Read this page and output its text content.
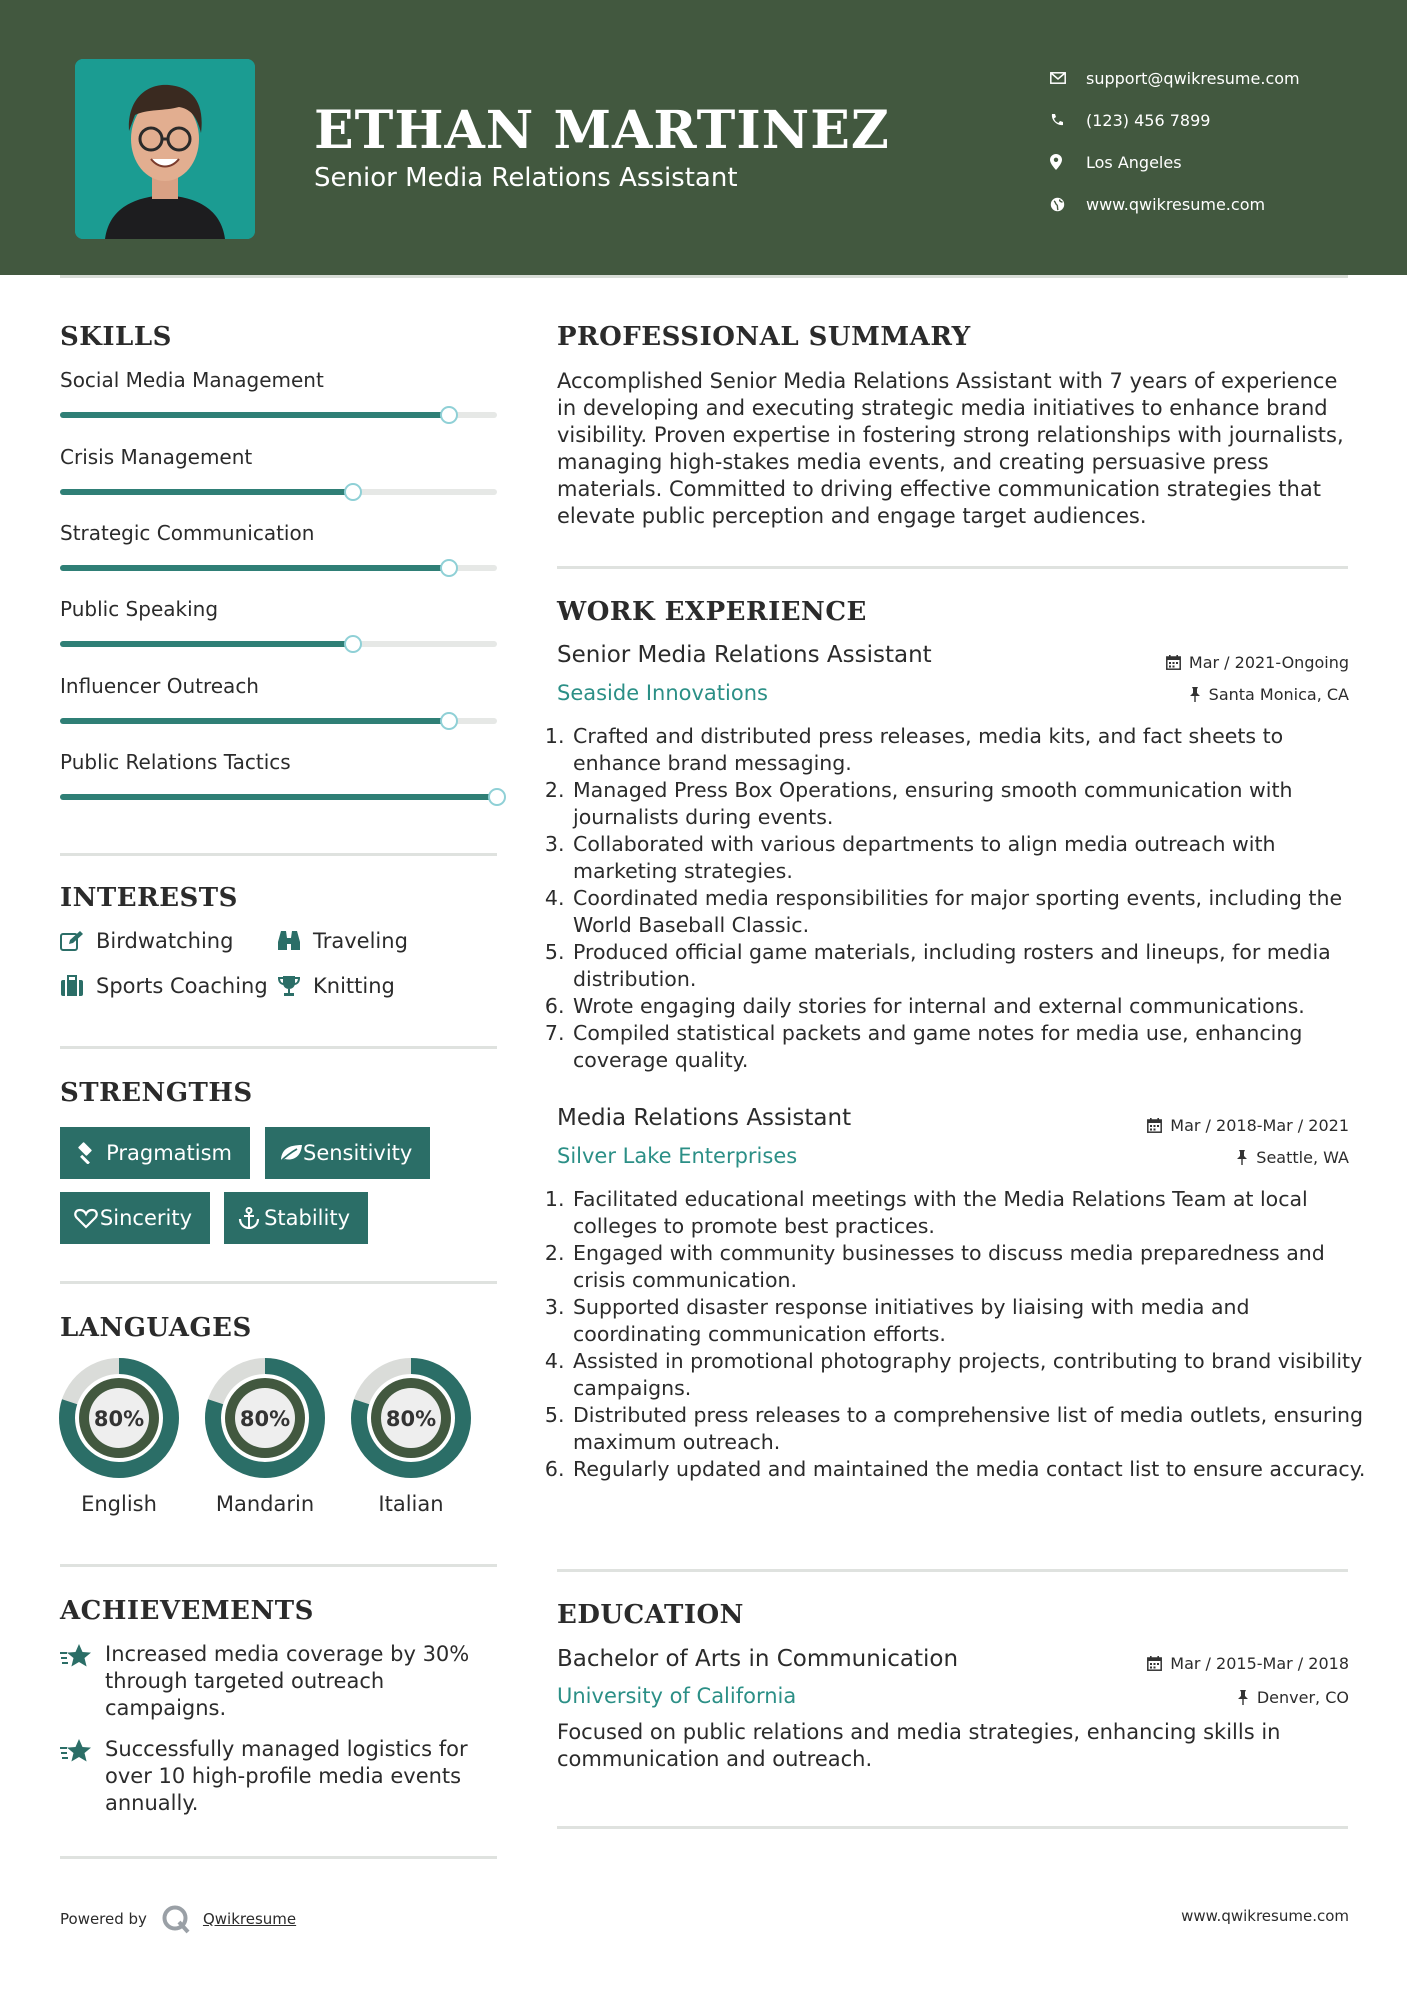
ETHAN MARTINEZ
Senior Media Relations Assistant
support@qwikresume.com
(123) 456 7899
Los Angeles
www.qwikresume.com
SKILLS
Social Media Management
Crisis Management
Strategic Communication
Public Speaking
Influencer Outreach
Public Relations Tactics
INTERESTS
Birdwatching	Traveling
Sports Coaching Knitting
STRENGTHS
Pragmatism	Sensitivity
Sincerity	Stability
LANGUAGES
80%
English
80%
Mandarin
80%
Italian
ACHIEVEMENTS
Increased media coverage by 30% through targeted outreach campaigns.
Successfully managed logistics for over 10 high-profile media events annually.
PROFESSIONAL SUMMARY
Accomplished Senior Media Relations Assistant with 7 years of experience in developing and executing strategic media initiatives to enhance brand visibility. Proven expertise in fostering strong relationships with journalists, managing high-stakes media events, and creating persuasive press materials. Committed to driving effective communication strategies that elevate public perception and engage target audiences.
WORK EXPERIENCE
Senior Media Relations Assistant	Mar / 2021-Ongoing
Seaside Innovations	Santa Monica, CA
1. Crafted and distributed press releases, media kits, and fact sheets to enhance brand messaging.
2. Managed Press Box Operations, ensuring smooth communication with journalists during events.
3. Collaborated with various departments to align media outreach with marketing strategies.
4. Coordinated media responsibilities for major sporting events, including the World Baseball Classic.
5. Produced official game materials, including rosters and lineups, for media distribution.
6. Wrote engaging daily stories for internal and external communications.
7. Compiled statistical packets and game notes for media use, enhancing coverage quality.
Media Relations Assistant	Mar / 2018-Mar / 2021
Silver Lake Enterprises	Seattle, WA
1. Facilitated educational meetings with the Media Relations Team at local colleges to promote best practices.
2. Engaged with community businesses to discuss media preparedness and crisis communication.
3. Supported disaster response initiatives by liaising with media and coordinating communication efforts.
4. Assisted in promotional photography projects, contributing to brand visibility campaigns.
5. Distributed press releases to a comprehensive list of media outlets, ensuring maximum outreach.
6. Regularly updated and maintained the media contact list to ensure accuracy.
EDUCATION
Bachelor of Arts in Communication	Mar / 2015-Mar / 2018
University of California	Denver, CO
Focused on public relations and media strategies, enhancing skills in communication and outreach.
Powered by	Qwikresume	www.qwikresume.com
